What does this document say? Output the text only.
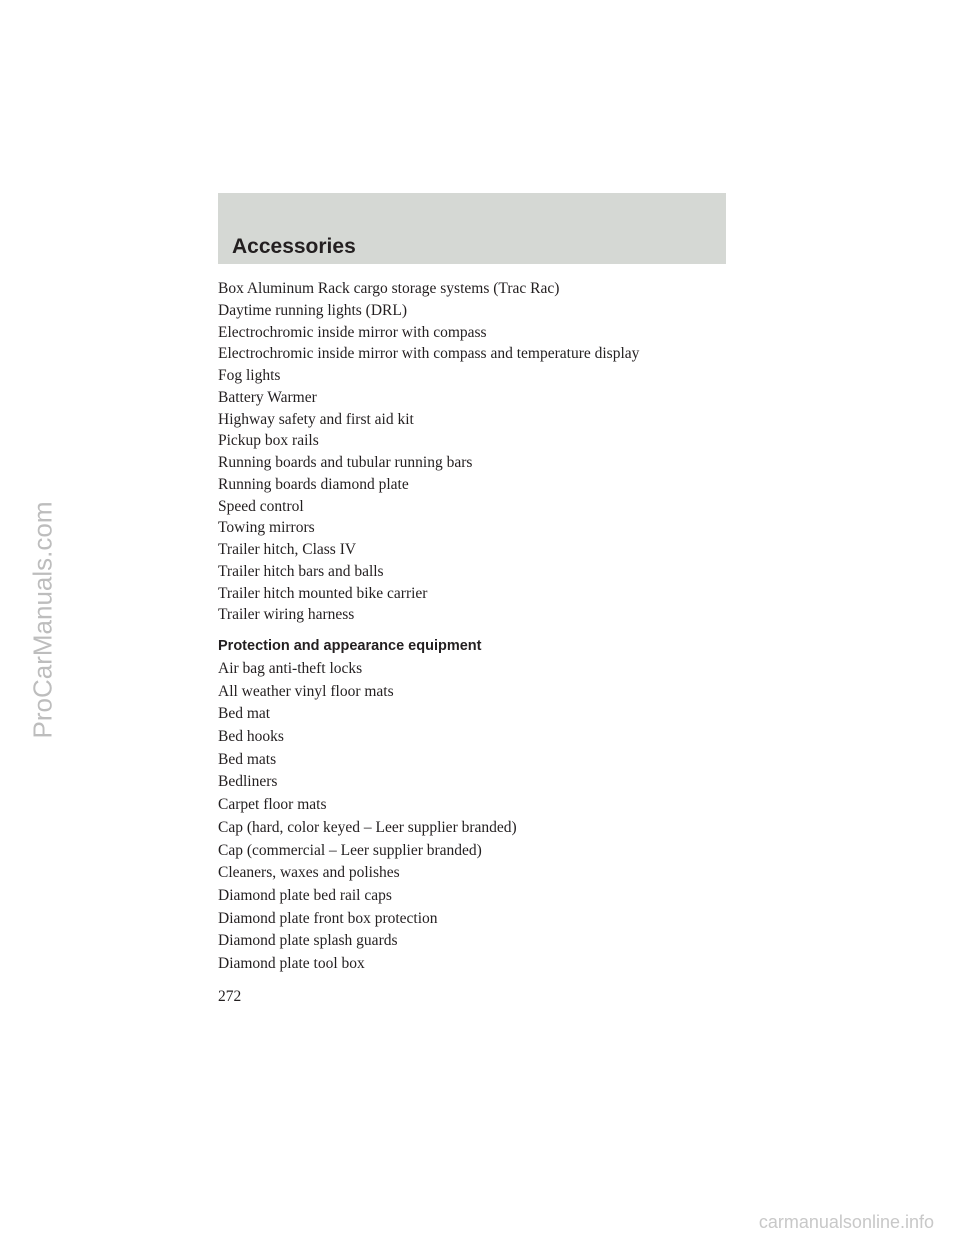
Accessories
Box Aluminum Rack cargo storage systems (Trac Rac)
Daytime running lights (DRL)
Electrochromic inside mirror with compass
Electrochromic inside mirror with compass and temperature display
Fog lights
Battery Warmer
Highway safety and first aid kit
Pickup box rails
Running boards and tubular running bars
Running boards diamond plate
Speed control
Towing mirrors
Trailer hitch, Class IV
Trailer hitch bars and balls
Trailer hitch mounted bike carrier
Trailer wiring harness
Protection and appearance equipment
Air bag anti-theft locks
All weather vinyl floor mats
Bed mat
Bed hooks
Bed mats
Bedliners
Carpet floor mats
Cap (hard, color keyed – Leer supplier branded)
Cap (commercial – Leer supplier branded)
Cleaners, waxes and polishes
Diamond plate bed rail caps
Diamond plate front box protection
Diamond plate splash guards
Diamond plate tool box
272
ProCarManuals.com
carmanualsonline.info
